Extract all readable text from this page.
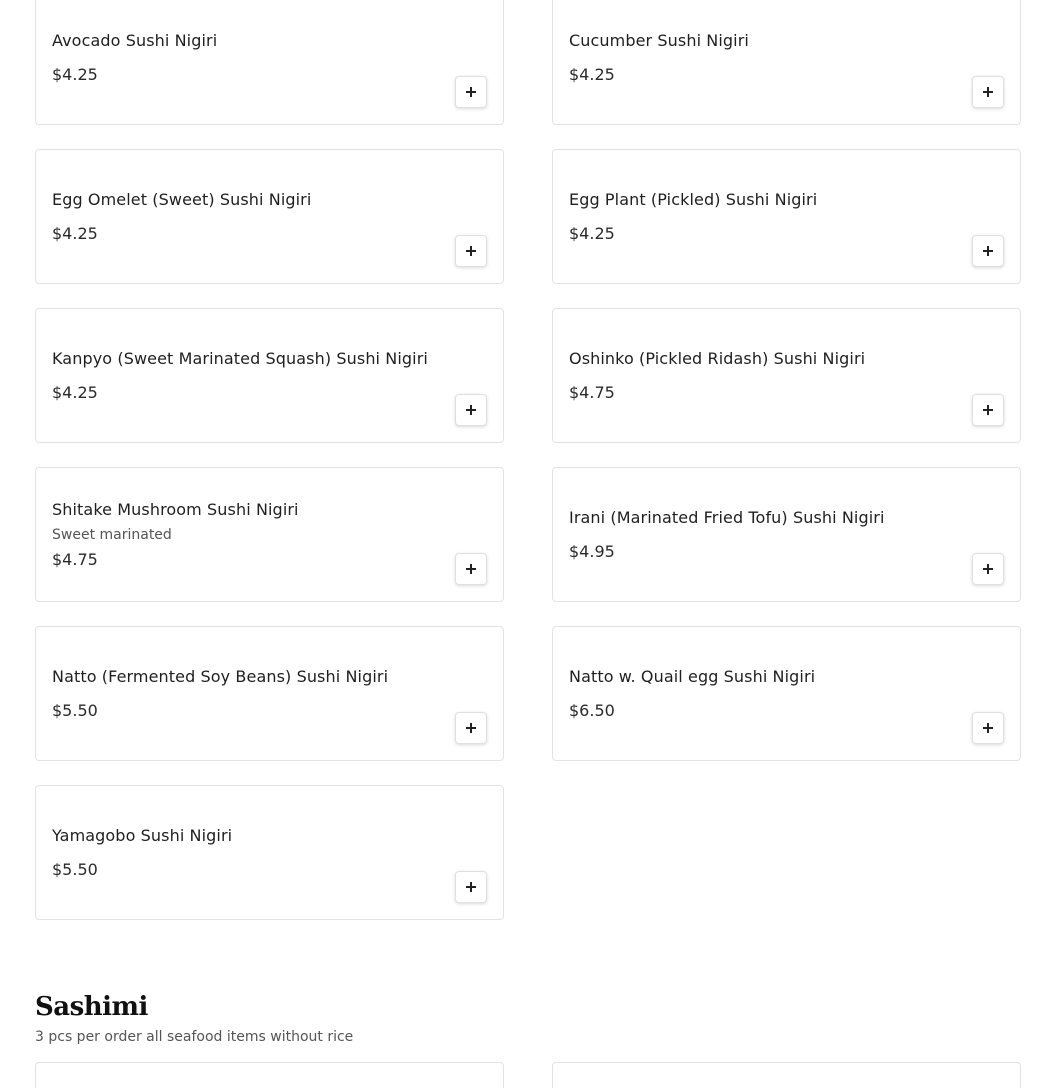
Avocado Sushi Nigiri
$4.25
Cucumber Sushi Nigiri
$4.25
Egg Omelet (Sweet) Sushi Nigiri
$4.25
Egg Plant (Pickled) Sushi Nigiri
$4.25
Kanpyo (Sweet Marinated Squash) Sushi Nigiri
$4.25
Oshinko (Pickled Ridash) Sushi Nigiri
$4.75
Shitake Mushroom Sushi Nigiri
Sweet marinated
$4.75
Irani (Marinated Fried Tofu) Sushi Nigiri
$4.95
Natto (Fermented Soy Beans) Sushi Nigiri
$5.50
Natto w. Quail egg Sushi Nigiri
$6.50
Yamagobo Sushi Nigiri
$5.50
Sashimi
3 pcs per order all seafood items without rice
